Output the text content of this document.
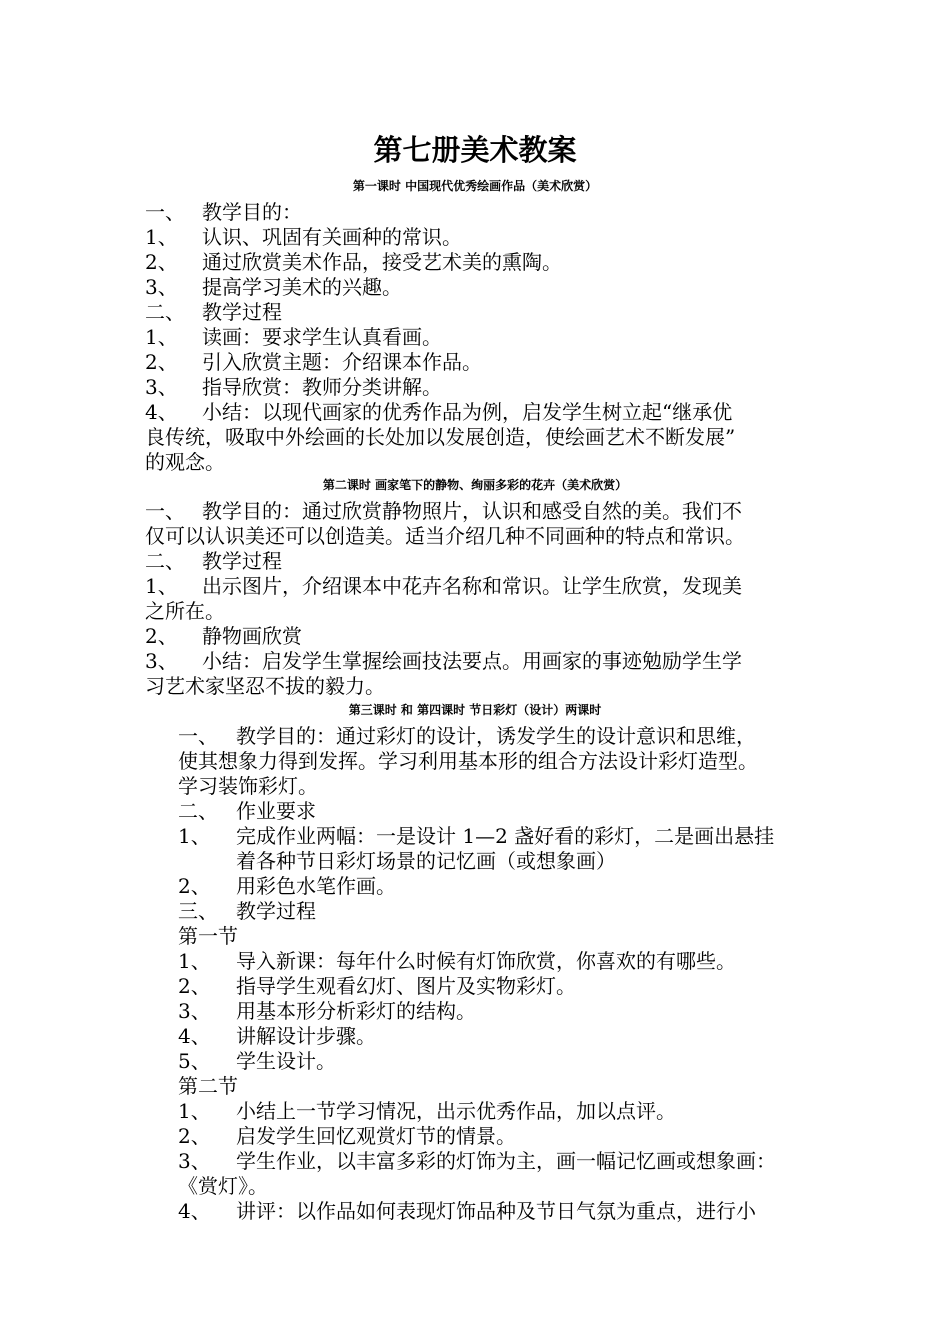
第七册美术教案
第一课时 中国现代优秀绘画作品（美术欣赏）
一、 教学目的：
1、 认识、巩固有关画种的常识。
2、 通过欣赏美术作品，接受艺术美的熏陶。
3、 提高学习美术的兴趣。
二、 教学过程
1、 读画：要求学生认真看画。
2、 引入欣赏主题：介绍课本作品。
3、 指导欣赏：教师分类讲解。
4、 小结：以现代画家的优秀作品为例，启发学生树立起“继承优
良传统，吸取中外绘画的长处加以发展创造，使绘画艺术不断发展”
的观念。
第二课时 画家笔下的静物、绚丽多彩的花卉（美术欣赏）
一、 教学目的：通过欣赏静物照片，认识和感受自然的美。我们不
仅可以认识美还可以创造美。适当介绍几种不同画种的特点和常识。
二、 教学过程
1、 出示图片，介绍课本中花卉名称和常识。让学生欣赏，发现美
之所在。
2、 静物画欣赏
3、 小结：启发学生掌握绘画技法要点。用画家的事迹勉励学生学
习艺术家坚忍不拔的毅力。
第三课时 和 第四课时 节日彩灯（设计）两课时
一、 教学目的：通过彩灯的设计，诱发学生的设计意识和思维，
使其想象力得到发挥。学习利用基本形的组合方法设计彩灯造型。
学习装饰彩灯。
二、 作业要求
1、 完成作业两幅：一是设计 1—2 盏好看的彩灯，二是画出悬挂
着各种节日彩灯场景的记忆画（或想象画）
2、 用彩色水笔作画。
三、 教学过程
第一节
1、 导入新课：每年什么时候有灯饰欣赏，你喜欢的有哪些。
2、 指导学生观看幻灯、图片及实物彩灯。
3、 用基本形分析彩灯的结构。
4、 讲解设计步骤。
5、 学生设计。
第二节
1、 小结上一节学习情况，出示优秀作品，加以点评。
2、 启发学生回忆观赏灯节的情景。
3、 学生作业，以丰富多彩的灯饰为主，画一幅记忆画或想象画：
《赏灯》。
4、 讲评：以作品如何表现灯饰品种及节日气氛为重点，进行小
